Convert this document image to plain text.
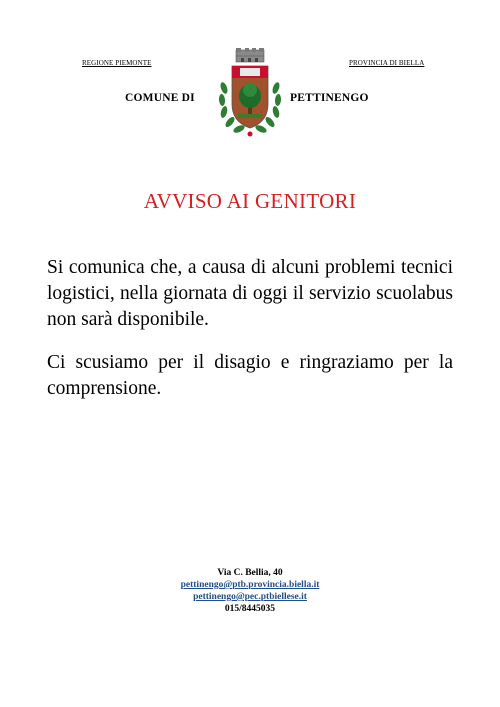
REGIONE PIEMONTE	PROVINCIA DI BIELLA
COMUNE DI	PETTINENGO
AVVISO AI GENITORI
Si comunica che, a causa di alcuni problemi tecnici logistici, nella giornata di oggi il servizio scuolabus non sarà disponibile.
Ci scusiamo per il disagio e ringraziamo per la comprensione.
Via C. Bellia, 40
pettinengo@ptb.provincia.biella.it
pettinengo@pec.ptbiellese.it
015/8445035
